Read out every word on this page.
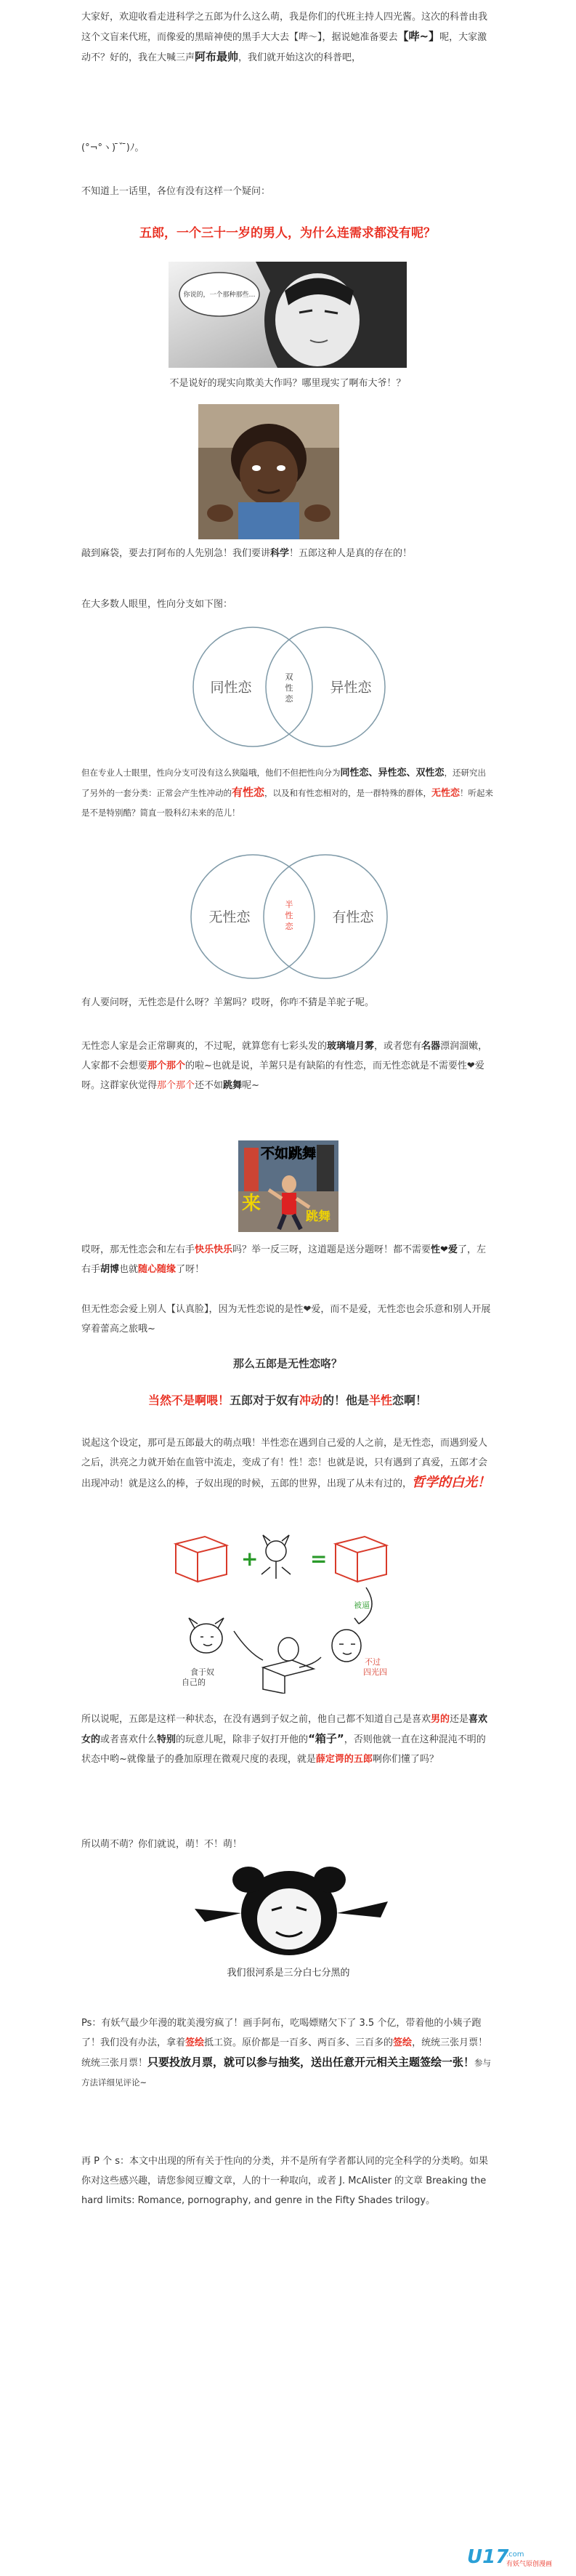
大家好，欢迎收看走进科学之五郎为什么这么萌，我是你们的代班主持人四光酱。这次的科普由我这个文盲来代班，而像爱的黑暗神使的黑手大大去【哔～】，据说她准备要去【哔~】呢，大家激动不？好的，我在大喊三声阿布最帅，我们就开始这次的科普吧，
(°¬°ヽ) ̄ˇ ̄)ﾉ。
不知道上一话里，各位有没有这样一个疑问：
五郎，一个三十一岁的男人，为什么连需求都没有呢？
你说的，一个那种那些…
不是说好的现实向欺美大作吗？哪里现实了啊布大爷！？
敲到麻袋，要去打阿布的人先别急！我们要讲科学！五郎这种人是真的存在的！
在大多数人眼里，性向分支如下图：
同性恋	异性恋
双
性
恋
但在专业人士眼里，性向分支可没有这么狭隘哦，他们不但把性向分为同性恋、异性恋、双性恋，还研究出了另外的一套分类：正常会产生性冲动的有性恋，以及和有性恋相对的，是一群特殊的群体，无性恋！听起来是不是特别酷？简直一股科幻未来的范儿！
无性恋	有性恋
半
性
恋
有人要问呀，无性恋是什么呀？羊駕吗？哎呀，你咋不猜是羊驼子呢。
无性恋人家是会正常聊爽的，不过呢，就算您有七彩头发的玻璃墙月雾，或者您有名器漂润溜嫩，人家都不会想要那个那个的啦~也就是说，羊駕只是有缺陷的有性恋，而无性恋就是不需要性❤爱呀。这群家伙觉得那个那个还不如跳舞呢~
不如跳舞
来
跳舞
哎呀，那无性恋会和左右手快乐快乐吗？举一反三呀，这道题是送分题呀！都不需要性❤爱了，左右手胡博也就随心随缘了呀！
但无性恋会爱上别人【认真脸】，因为无性恋说的是性❤爱，而不是爱，无性恋也会乐意和别人开展穿着蕾高之旅哦~
那么五郎是无性恋咯？
当然不是啊喂！五郎对于奴有冲动的！他是半性恋啊！
说起这个设定，那可是五郎最大的萌点哦！半性恋在遇到自己爱的人之前，是无性恋，而遇到爱人之后，洪亮之力就开始在血管中流走，变成了有！性！恋！也就是说，只有遇到了真爱，五郎才会出现冲动！就是这么的棒，子奴出现的时候，五郎的世界，出现了从未有过的，哲学的白光！
+	=
食于奴
自己的
四光四
不过
被逼
所以说呢，五郎是这样一种状态，在没有遇到子奴之前，他自己都不知道自己是喜欢男的还是喜欢女的或者喜欢什么特别的玩意儿呢，除非子奴打开他的“箱子”，否则他就一直在这种混沌不明的状态中哟~就像量子的叠加原理在微观尺度的表现，就是薛定谔的五郎啊你们懂了吗？
所以萌不萌？你们就说，萌！不！萌！
我们很河系是三分白七分黑的
Ps：有妖气最少年漫的耽美漫穷疯了！画手阿布，吃喝嫖赌欠下了 3.5 个亿，带着他的小姨子跑了！我们没有办法，拿着签绘抵工资。原价都是一百多、两百多、三百多的签绘，统统三张月票！统统三张月票！只要投放月票，就可以参与抽奖，送出任意开元相关主题签绘一张！参与方法详细见评论~
再 P 个 s：本文中出现的所有关于性向的分类，并不是所有学者都认同的完全科学的分类哟。如果你对这些感兴趣，请您参阅豆瓣文章，人的十一种取向，或者 J. McAlister 的文章 Breaking the hard limits: Romance, pornography, and genre in the Fifty Shades trilogy。
U17
.com
有妖气原创漫画
